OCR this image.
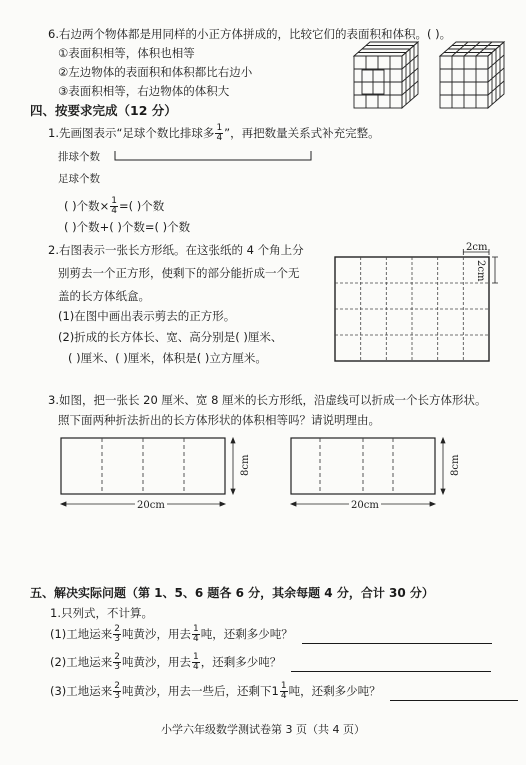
6.右边两个物体都是用同样的小正方体拼成的，比较它们的表面积和体积。( )。
①表面积相等，体积也相等
②左边物体的表面积和体积都比右边小
③表面积相等，右边物体的体积大
四、按要求完成（12 分）
1.先画图表示“足球个数比排球多 $\frac{1}{4}$ ”，再把数量关系式补充完整。
排球个数
足球个数
( )个数× $\frac{1}{4}$ =( )个数
( )个数+( )个数=( )个数
2.右图表示一张长方形纸。在这张纸的 4 个角上分
别剪去一个正方形，使剩下的部分能折成一个无
盖的长方体纸盒。
(1)在图中画出表示剪去的正方形。
(2)折成的长方体长、宽、高分别是( )厘米、
( )厘米、( )厘米，体积是( )立方厘米。
2cm
2cm
3.如图，把一张长 20 厘米、宽 8 厘米的长方形纸，沿虚线可以折成一个长方体形状。
照下面两种折法折出的长方体形状的体积相等吗？请说明理由。
20cm
8cm
20cm
8cm
五、解决实际问题（第 1、5、6 题各 6 分，其余每题 4 分，合计 30 分）
1.只列式，不计算。
(1)工地运来 $\frac{2}{3}$ 吨黄沙，用去 $\frac{1}{4}$ 吨，还剩多少吨？
(2)工地运来 $\frac{2}{3}$ 吨黄沙，用去 $\frac{1}{4}$ ，还剩多少吨？
(3)工地运来 $\frac{2}{3}$ 吨黄沙，用去一些后，还剩下 $1 \frac{1}{4}$ 吨，还剩多少吨？
小学六年级数学测试卷第 3 页（共 4 页）
